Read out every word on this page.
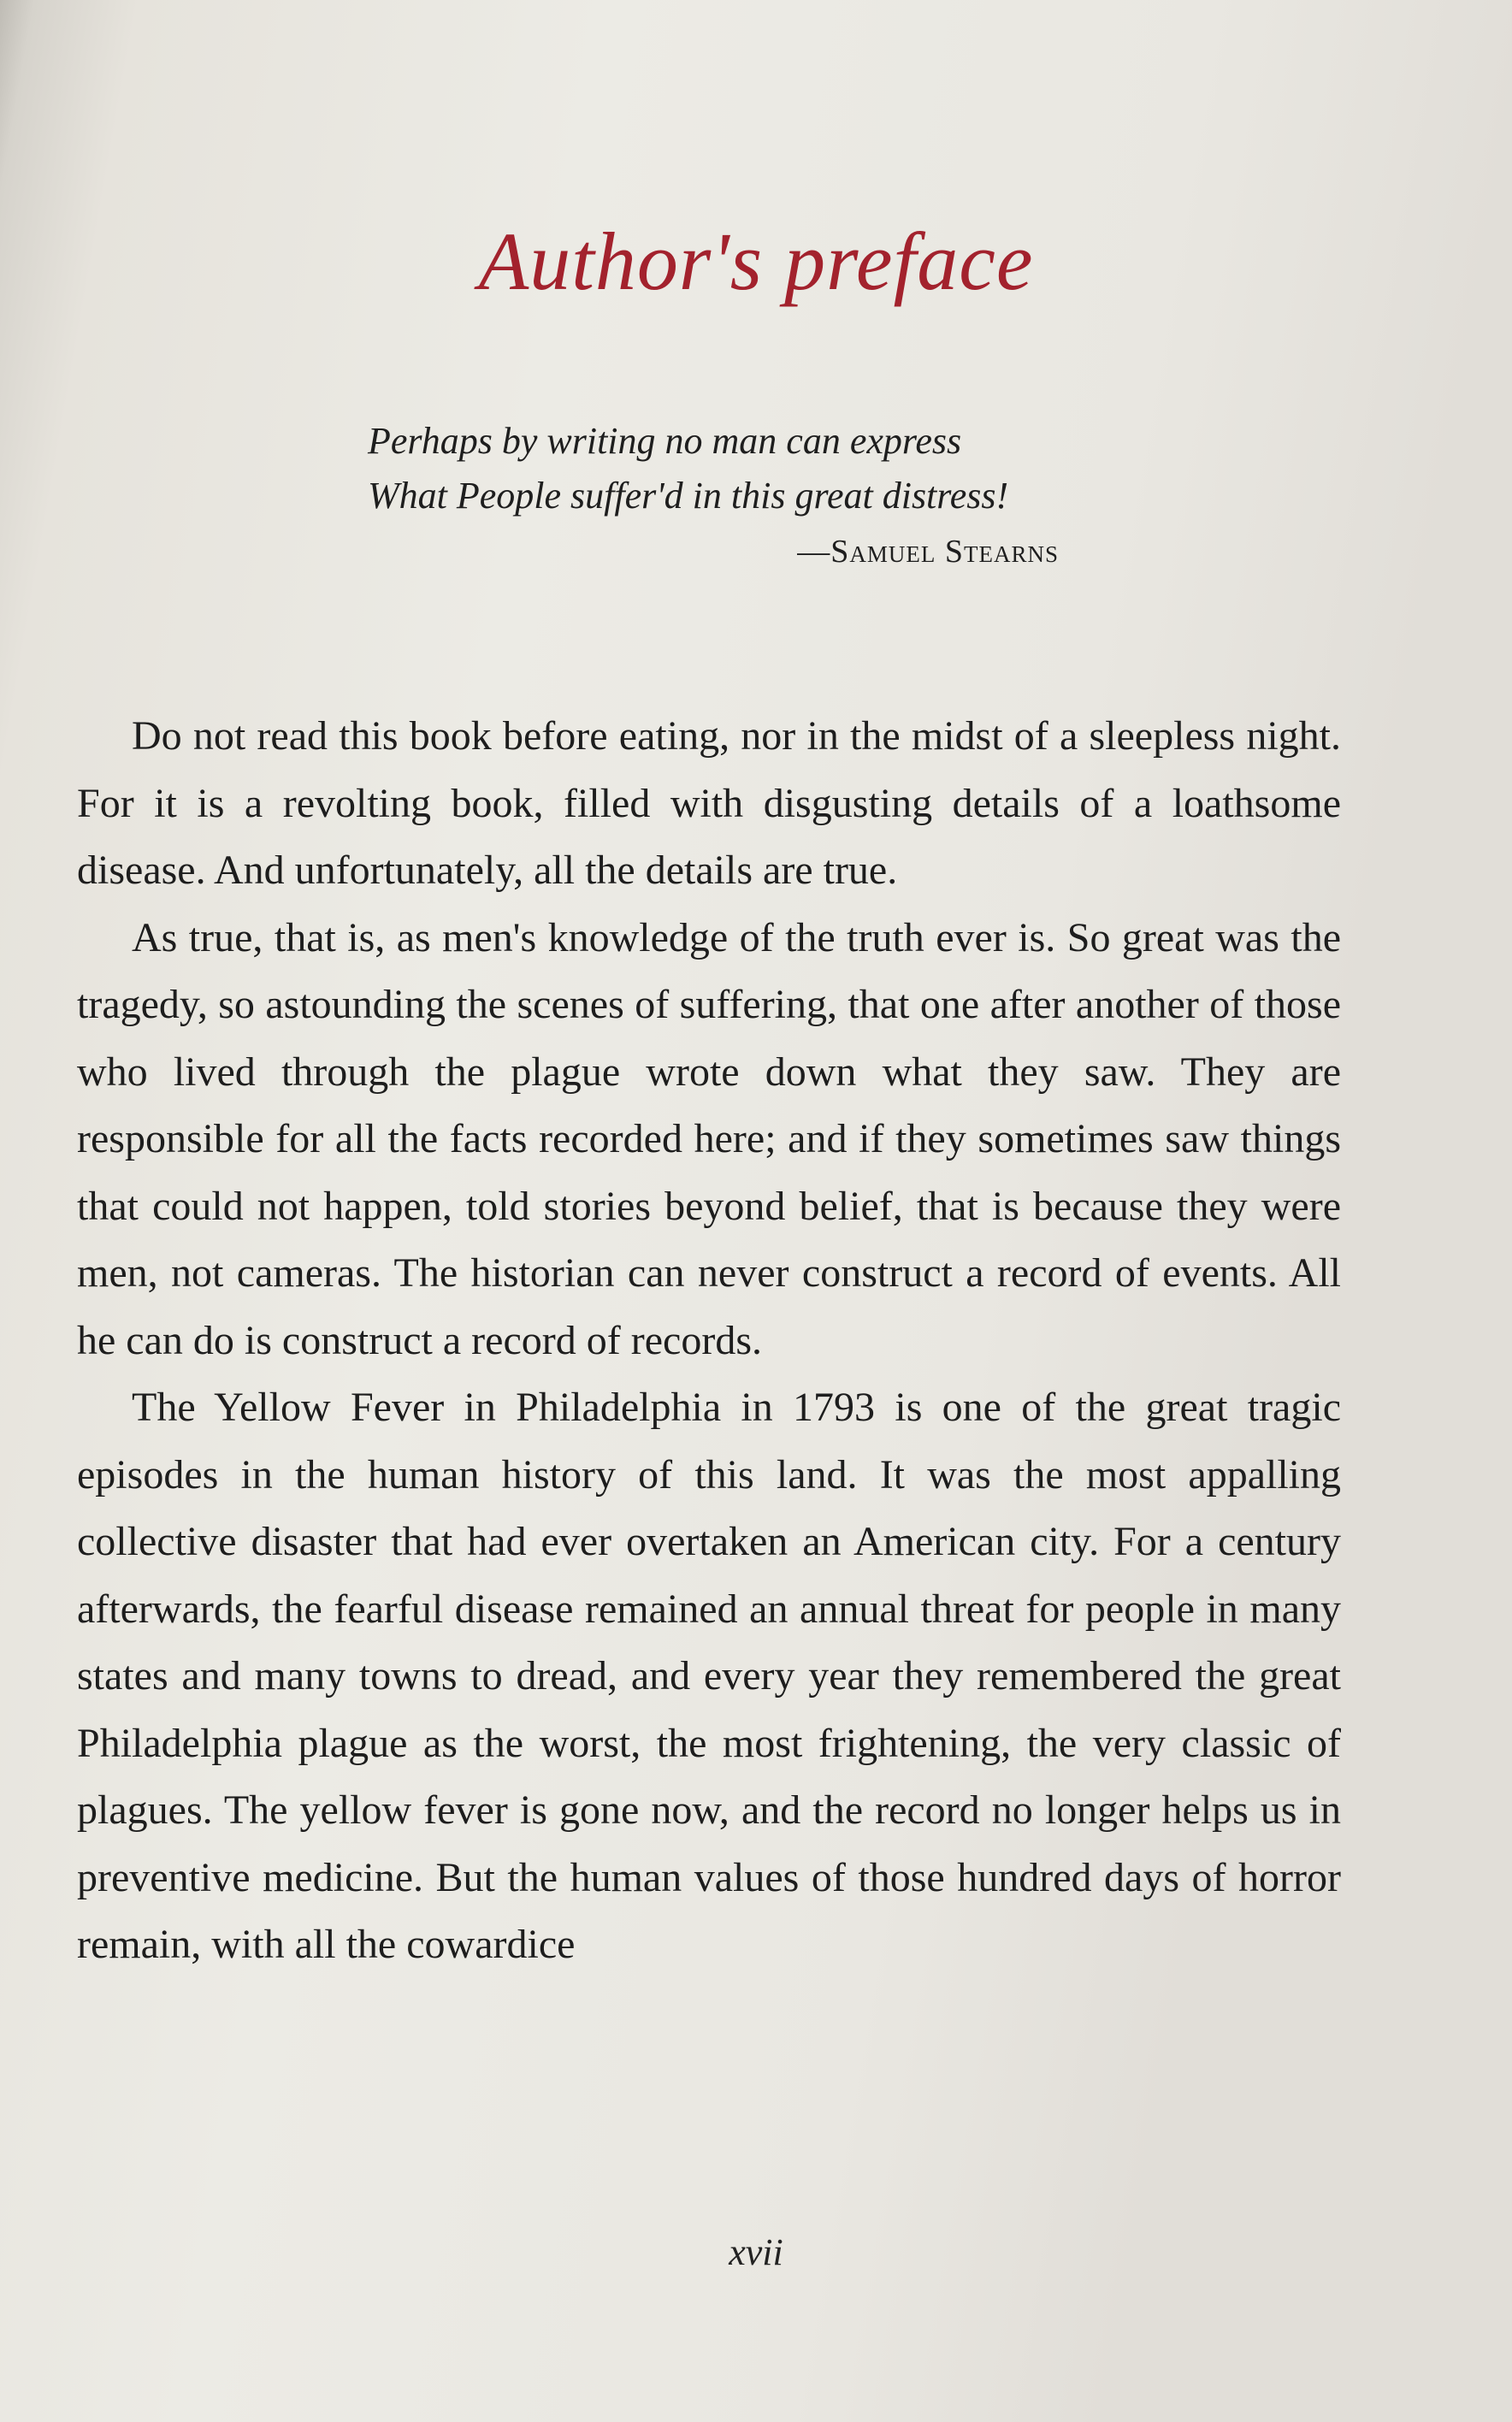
Author's preface
Perhaps by writing no man can express
What People suffer'd in this great distress!
—Samuel Stearns

Do not read this book before eating, nor in the midst of a sleepless night. For it is a revolting book, filled with disgusting details of a loathsome disease. And unfortunately, all the details are true.

As true, that is, as men's knowledge of the truth ever is. So great was the tragedy, so astounding the scenes of suffering, that one after another of those who lived through the plague wrote down what they saw. They are responsible for all the facts recorded here; and if they sometimes saw things that could not happen, told stories beyond belief, that is because they were men, not cameras. The historian can never construct a record of events. All he can do is construct a record of records.

The Yellow Fever in Philadelphia in 1793 is one of the great tragic episodes in the human history of this land. It was the most appalling collective disaster that had ever overtaken an American city. For a century afterwards, the fearful disease remained an annual threat for people in many states and many towns to dread, and every year they remembered the great Philadelphia plague as the worst, the most frightening, the very classic of plagues. The yellow fever is gone now, and the record no longer helps us in preventive medicine. But the human values of those hundred days of horror remain, with all the cowardice

xvii
